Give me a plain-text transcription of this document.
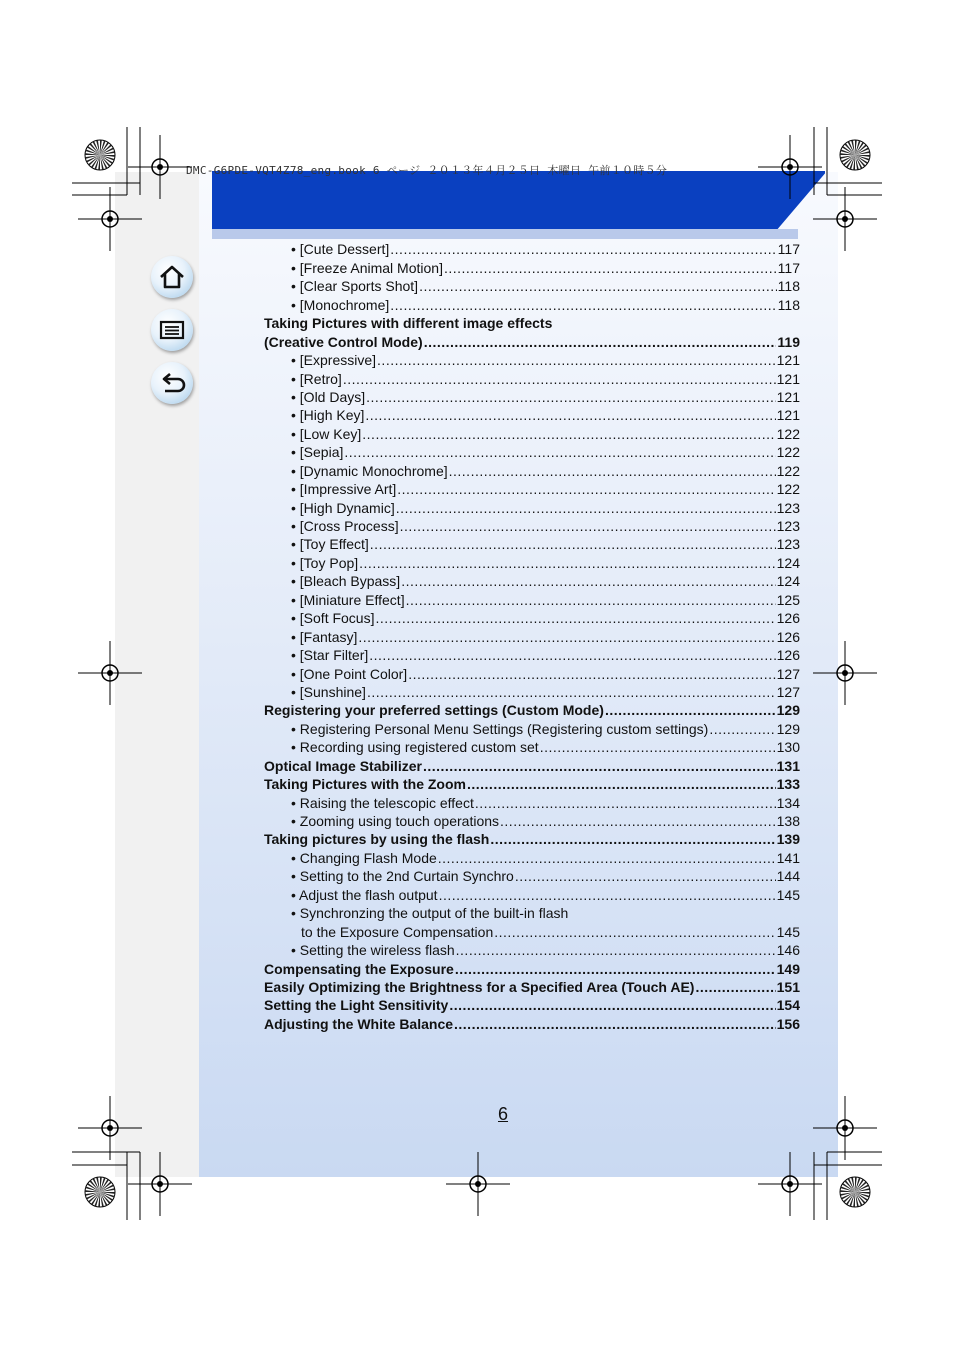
DMC-G6PDE-VQT4Z78_eng.book 6 ページ ２０１３年４月２５日 木曜日 午前１０時５分
• [Cute Dessert] .....	117
• [Freeze Animal Motion] .....	117
• [Clear Sports Shot] .....	118
• [Monochrome] .....	118
Taking Pictures with different image effects
(Creative Control Mode) .....	119
• [Expressive] .....	121
• [Retro] .....	121
• [Old Days] .....	121
• [High Key] .....	121
• [Low Key] .....	122
• [Sepia] .....	122
• [Dynamic Monochrome] .....	122
• [Impressive Art] .....	122
• [High Dynamic] .....	123
• [Cross Process] .....	123
• [Toy Effect] .....	123
• [Toy Pop] .....	124
• [Bleach Bypass] .....	124
• [Miniature Effect] .....	125
• [Soft Focus] .....	126
• [Fantasy] .....	126
• [Star Filter] .....	126
• [One Point Color] .....	127
• [Sunshine] .....	127
Registering your preferred settings (Custom Mode) .....	129
• Registering Personal Menu Settings (Registering custom settings) .....	129
• Recording using registered custom set .....	130
Optical Image Stabilizer .....	131
Taking Pictures with the Zoom .....	133
• Raising the telescopic effect .....	134
• Zooming using touch operations .....	138
Taking pictures by using the flash .....	139
• Changing Flash Mode .....	141
• Setting to the 2nd Curtain Synchro .....	144
• Adjust the flash output .....	145
• Synchronzing the output of the built-in flash
to the Exposure Compensation .....	145
• Setting the wireless flash .....	146
Compensating the Exposure .....	149
Easily Optimizing the Brightness for a Specified Area (Touch AE) .....	151
Setting the Light Sensitivity .....	154
Adjusting the White Balance .....	156
6
